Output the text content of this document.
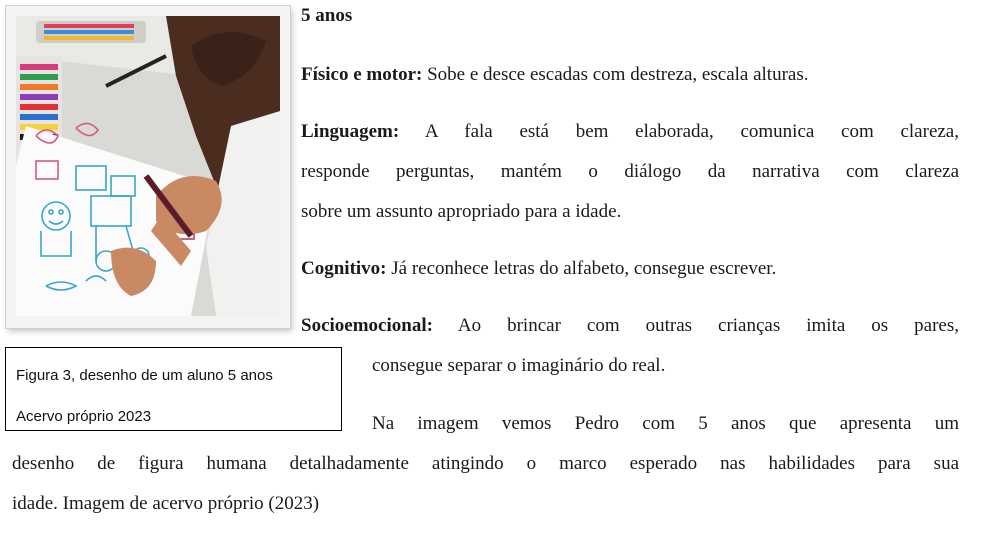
Figura 3, desenho de um aluno 5 anos
Acervo próprio 2023
5 anos
Físico e motor: Sobe e desce escadas com destreza, escala alturas.
Linguagem: A fala está bem elaborada, comunica com clareza,
responde perguntas, mantém o diálogo da narrativa com clareza
sobre um assunto apropriado para a idade.
Cognitivo: Já reconhece letras do alfabeto, consegue escrever.
Socioemocional: Ao brincar com outras crianças imita os pares,
consegue separar o imaginário do real.
Na imagem vemos Pedro com 5 anos que apresenta um
desenho de figura humana detalhadamente atingindo o marco esperado nas habilidades para sua
idade. Imagem de acervo próprio (2023)
